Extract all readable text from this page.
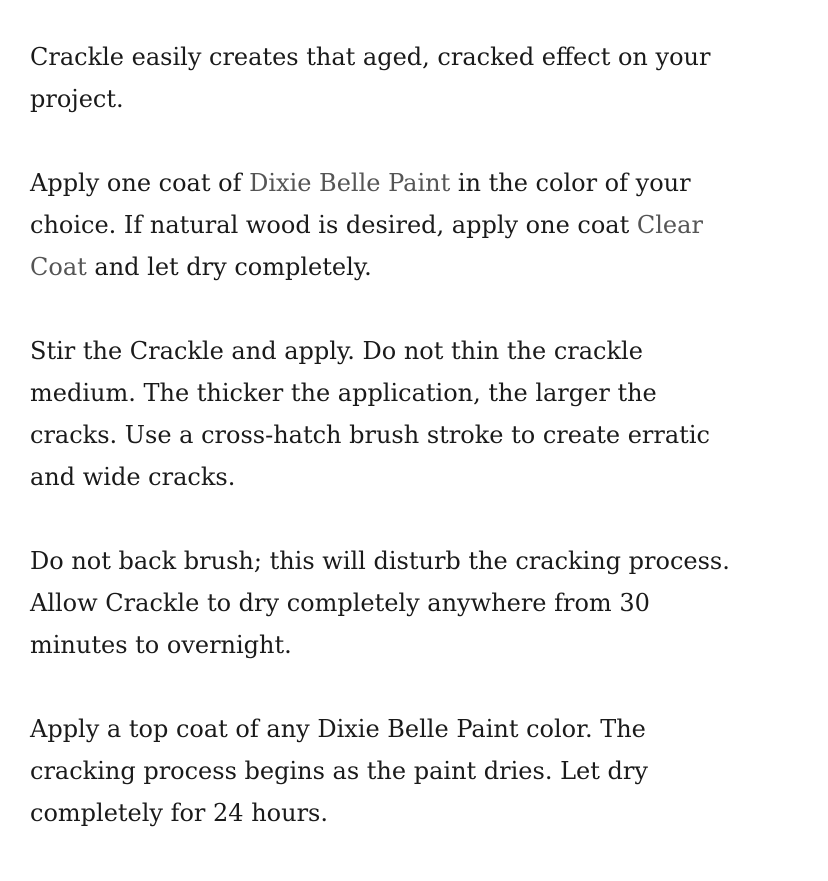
Crackle easily creates that aged, cracked effect on your
project.

Apply one coat of Dixie Belle Paint in the color of your
choice. If natural wood is desired, apply one coat Clear
Coat and let dry completely.

Stir the Crackle and apply. Do not thin the crackle
medium. The thicker the application, the larger the
cracks. Use a cross-hatch brush stroke to create erratic
and wide cracks.

Do not back brush; this will disturb the cracking process.
Allow Crackle to dry completely anywhere from 30
minutes to overnight.

Apply a top coat of any Dixie Belle Paint color. The
cracking process begins as the paint dries. Let dry
completely for 24 hours.
